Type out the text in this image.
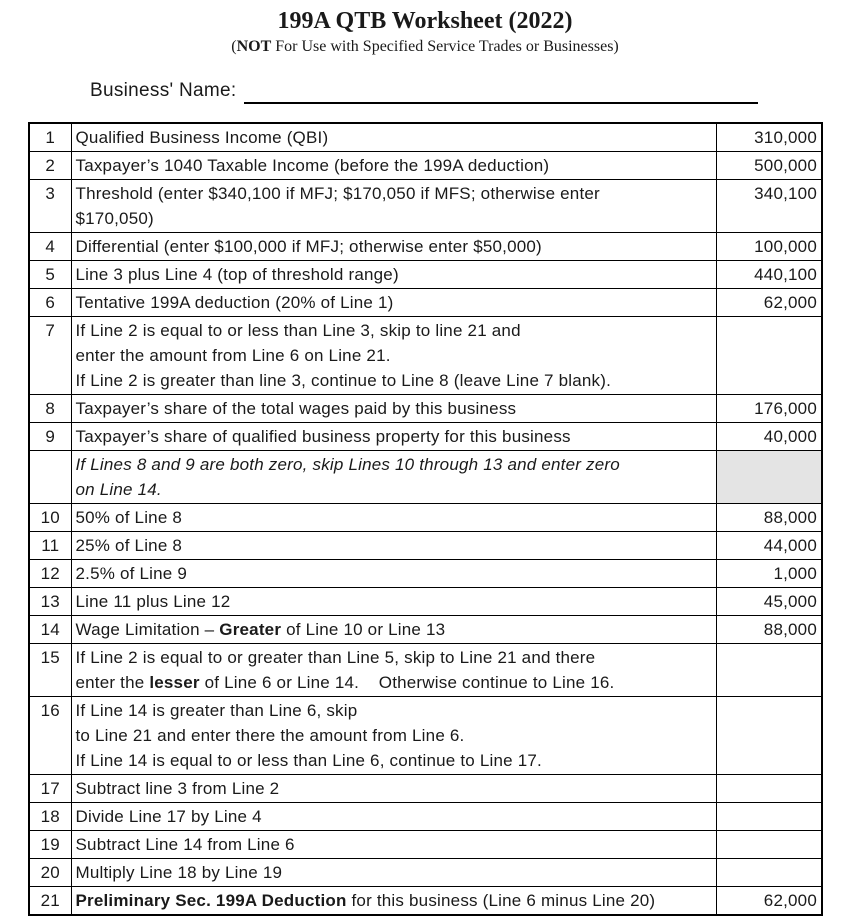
199A QTB Worksheet (2022)
(NOT For Use with Specified Service Trades or Businesses)
Business' Name:
1	Qualified Business Income (QBI)	310,000
2	Taxpayer’s 1040 Taxable Income (before the 199A deduction)	500,000
3	Threshold (enter $340,100 if MFJ; $170,050 if MFS; otherwise enter
$170,050)	340,100
4	Differential (enter $100,000 if MFJ; otherwise enter $50,000)	100,000
5	Line 3 plus Line 4 (top of threshold range)	440,100
6	Tentative 199A deduction (20% of Line 1)	62,000
7	If Line 2 is equal to or less than Line 3, skip to line 21 and
enter the amount from Line 6 on Line 21.
If Line 2 is greater than line 3, continue to Line 8 (leave Line 7 blank).	

8	Taxpayer’s share of the total wages paid by this business	176,000
9	Taxpayer’s share of qualified business property for this business	40,000

	If Lines 8 and 9 are both zero, skip Lines 10 through 13 and enter zero
on Line 14.	

10	50% of Line 8	88,000
11	25% of Line 8	44,000
12	2.5% of Line 9	1,000
13	Line 11 plus Line 12	45,000
14	Wage Limitation – Greater of Line 10 or Line 13	88,000
15	If Line 2 is equal to or greater than Line 5, skip to Line 21 and there
enter the lesser of Line 6 or Line 14.    Otherwise continue to Line 16.	

16	If Line 14 is greater than Line 6, skip
to Line 21 and enter there the amount from Line 6.
If Line 14 is equal to or less than Line 6, continue to Line 17.	

17	Subtract line 3 from Line 2	

18	Divide Line 17 by Line 4	

19	Subtract Line 14 from Line 6	

20	Multiply Line 18 by Line 19	

21	Preliminary Sec. 199A Deduction for this business (Line 6 minus Line 20)	62,000
